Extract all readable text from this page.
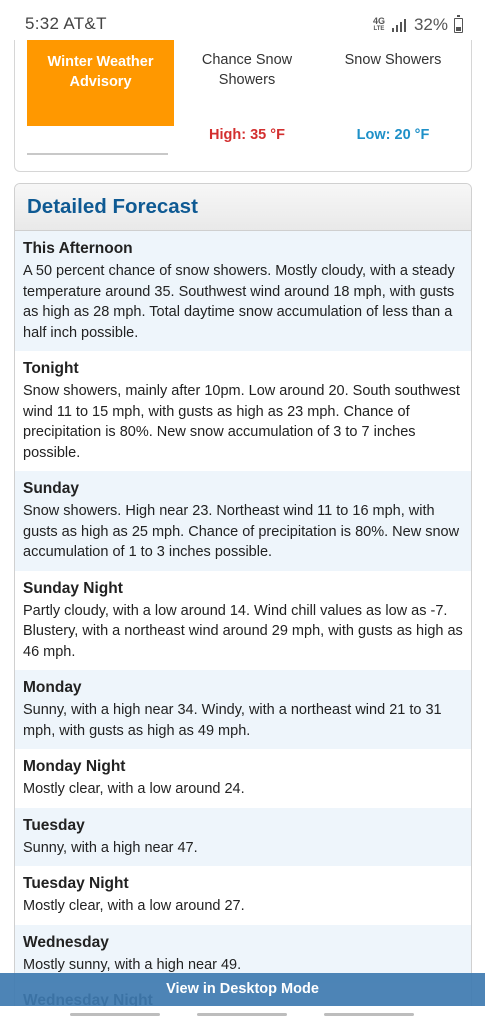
5:32 AT&T	4G
LTE 32%
Winter Weather Advisory
Chance Snow Showers
High: 35 °F
Snow Showers
Low: 20 °F
Detailed Forecast
This Afternoon
A 50 percent chance of snow showers. Mostly cloudy, with a steady temperature around 35. Southwest wind around 18 mph, with gusts as high as 28 mph. Total daytime snow accumulation of less than a half inch possible.
Tonight
Snow showers, mainly after 10pm. Low around 20. South southwest wind 11 to 15 mph, with gusts as high as 23 mph. Chance of precipitation is 80%. New snow accumulation of 3 to 7 inches possible.
Sunday
Snow showers. High near 23. Northeast wind 11 to 16 mph, with gusts as high as 25 mph. Chance of precipitation is 80%. New snow accumulation of 1 to 3 inches possible.
Sunday Night
Partly cloudy, with a low around 14. Wind chill values as low as -7. Blustery, with a northeast wind around 29 mph, with gusts as high as 46 mph.
Monday
Sunny, with a high near 34. Windy, with a northeast wind 21 to 31 mph, with gusts as high as 49 mph.
Monday Night
Mostly clear, with a low around 24.
Tuesday
Sunny, with a high near 47.
Tuesday Night
Mostly clear, with a low around 27.
Wednesday
Mostly sunny, with a high near 49.
View in Desktop Mode
